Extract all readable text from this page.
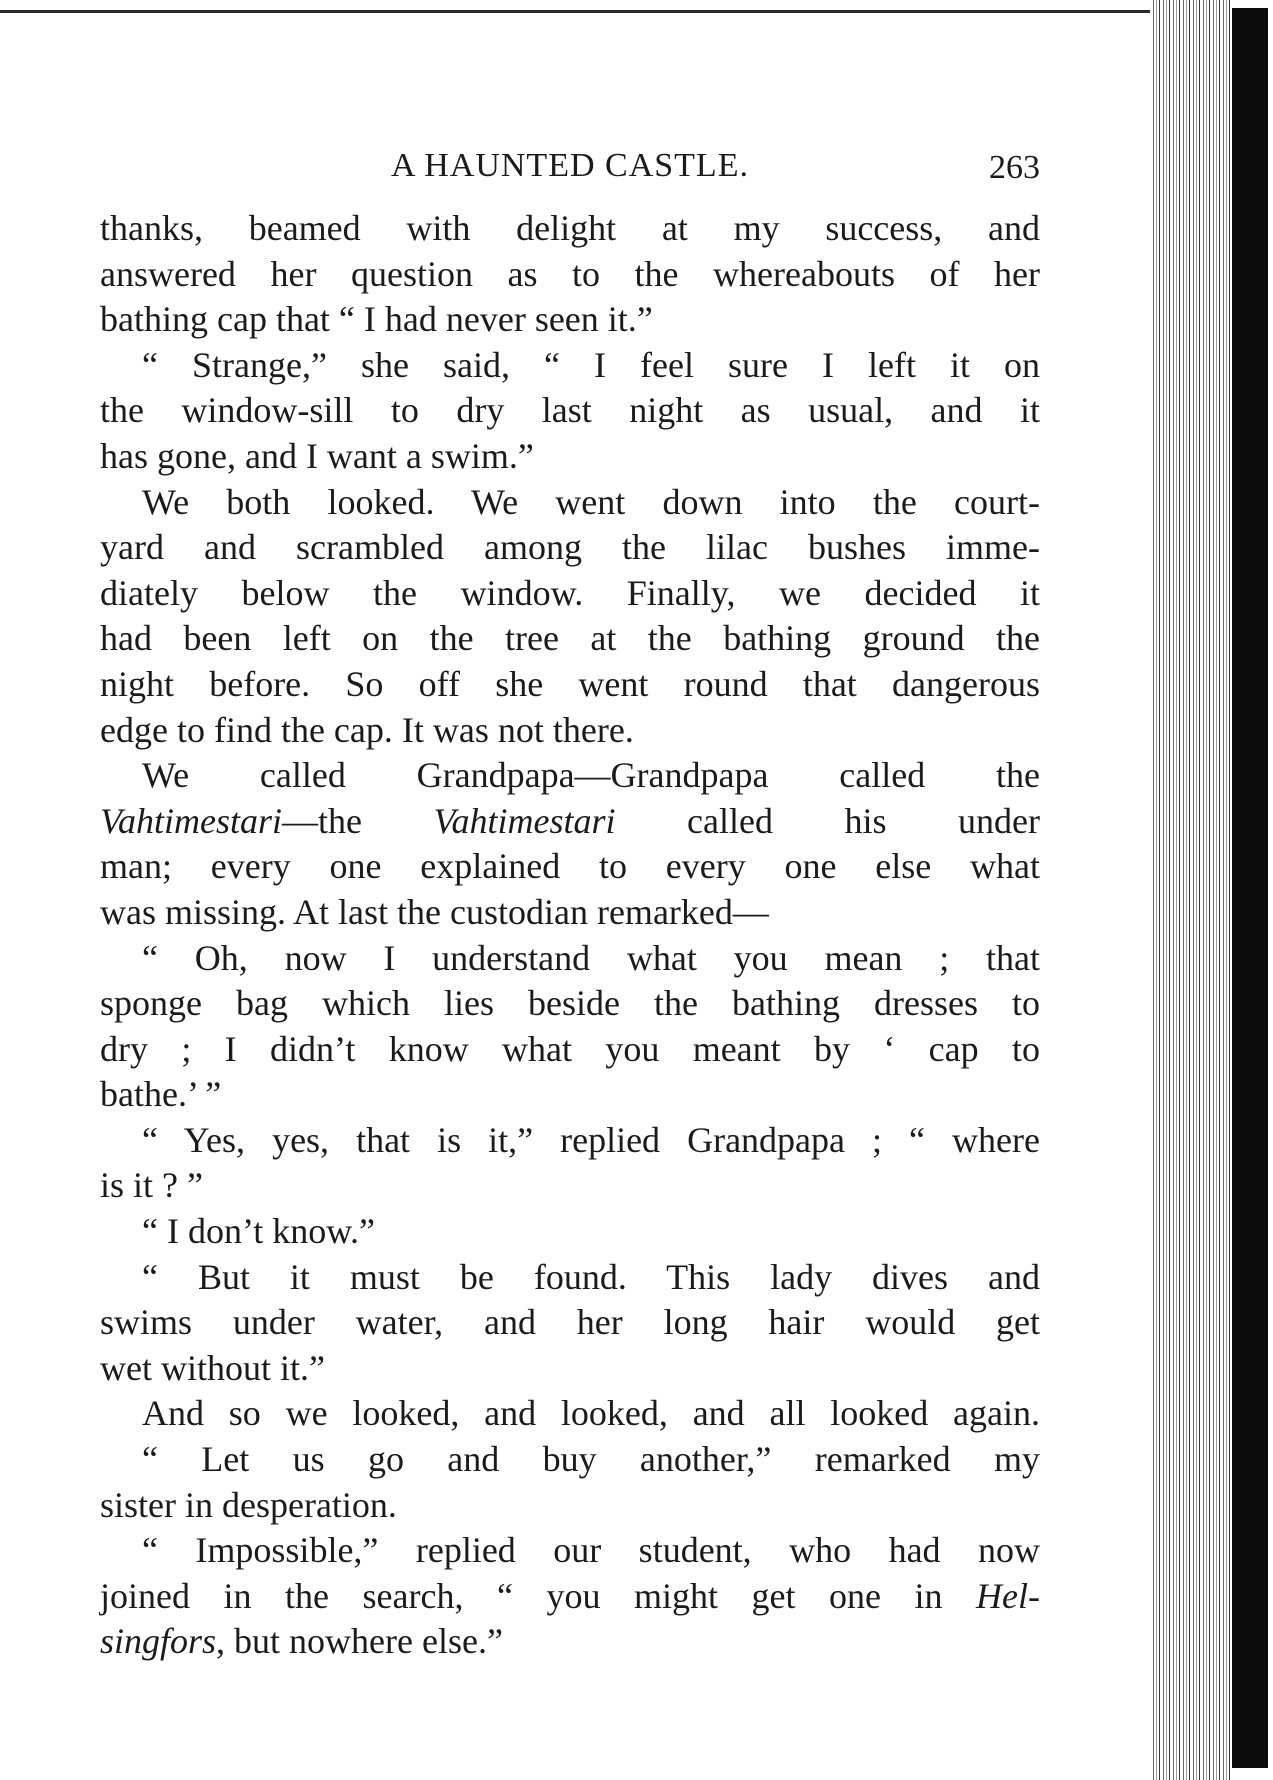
A HAUNTED CASTLE.	263
thanks, beamed with delight at my success, and
answered her question as to the whereabouts of her
bathing cap that “ I had never seen it.”
“ Strange,” she said, “ I feel sure I left it on
the window-sill to dry last night as usual, and it
has gone, and I want a swim.”
We both looked. We went down into the court-
yard and scrambled among the lilac bushes imme-
diately below the window. Finally, we decided it
had been left on the tree at the bathing ground the
night before. So off she went round that dangerous
edge to find the cap. It was not there.
We called Grandpapa—Grandpapa called the
Vahtimestari—the Vahtimestari called his under
man; every one explained to every one else what
was missing. At last the custodian remarked—
“ Oh, now I understand what you mean ; that
sponge bag which lies beside the bathing dresses to
dry ; I didn’t know what you meant by ‘ cap to
bathe.’ ”
“ Yes, yes, that is it,” replied Grandpapa ; “ where
is it ? ”
“ I don’t know.”
“ But it must be found. This lady dives and
swims under water, and her long hair would get
wet without it.”
And so we looked, and looked, and all looked again.
“ Let us go and buy another,” remarked my
sister in desperation.
“ Impossible,” replied our student, who had now
joined in the search, “ you might get one in Hel-
singfors, but nowhere else.”
